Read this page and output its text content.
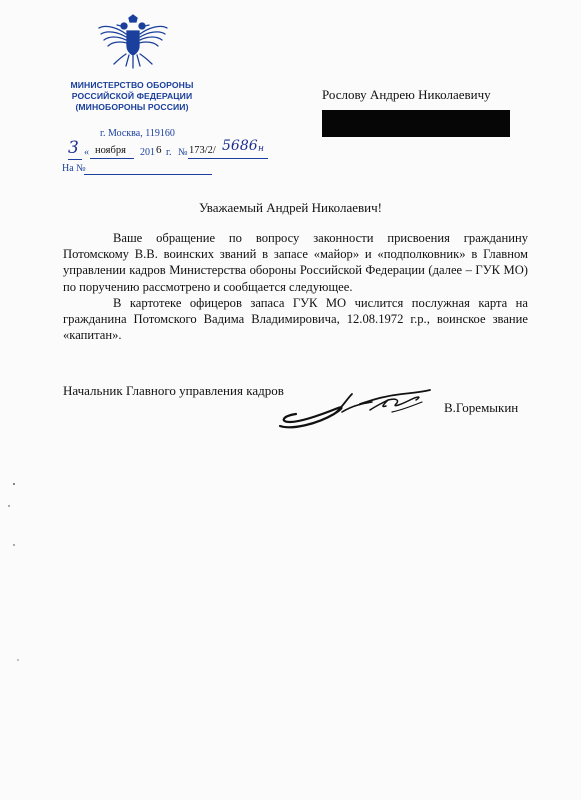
МИНИСТЕРСТВО ОБОРОНЫ
РОССИЙСКОЙ ФЕДЕРАЦИИ
(МИНОБОРОНЫ РОССИИ)
г. Москва, 119160
3 « ноября 201 6 г. № 173/2/ 5686 н
На №
Рослову Андрею Николаевичу
Уважаемый Андрей Николаевич!

Ваше обращение по вопросу законности присвоения гражданину Потомскому В.В. воинских званий в запасе «майор» и «подполковник» в Главном управлении кадров Министерства обороны Российской Федерации (далее – ГУК МО) по поручению рассмотрено и сообщается следующее.

В картотеке офицеров запаса ГУК МО числится послужная карта на гражданина Потомского Вадима Владимировича, 12.08.1972 г.р., воинское звание «капитан».

Начальник Главного управления кадров
В.Горемыкин
